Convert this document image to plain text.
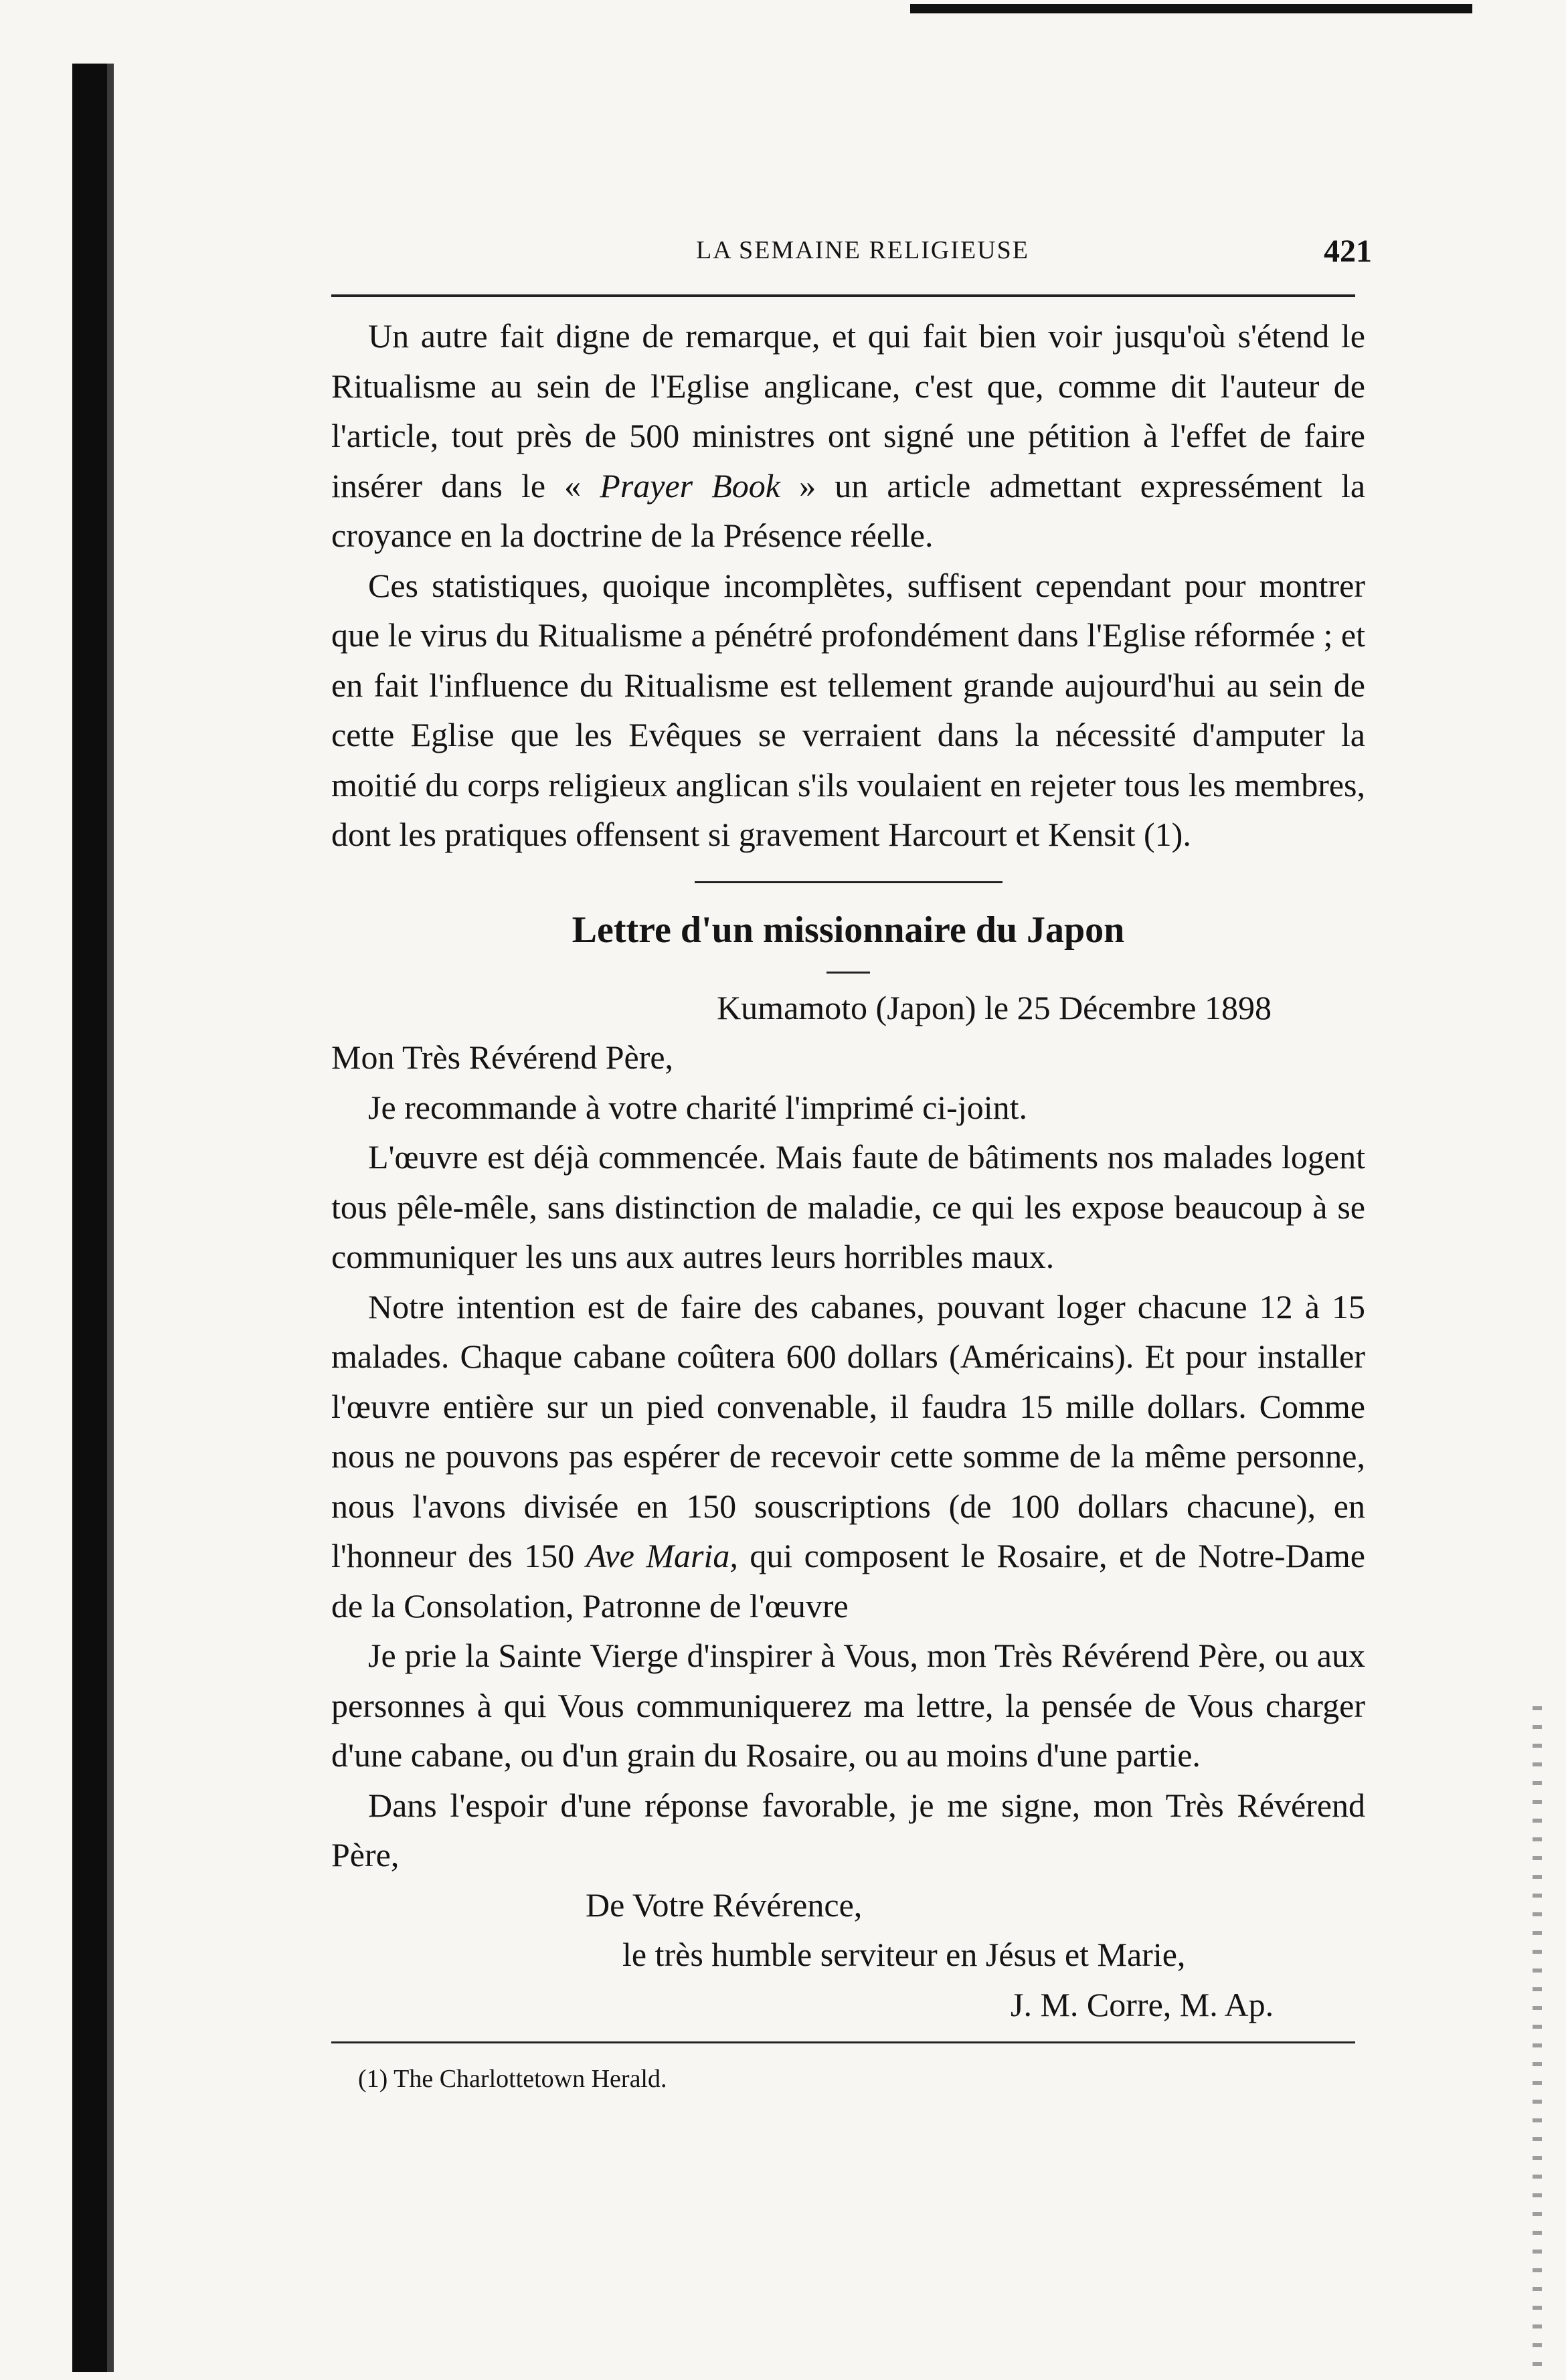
LA SEMAINE RELIGIEUSE	421

Un autre fait digne de remarque, et qui fait bien voir jusqu'où s'étend le Ritualisme au sein de l'Eglise anglicane, c'est que, comme dit l'auteur de l'article, tout près de 500 ministres ont signé une pétition à l'effet de faire insérer dans le « Prayer Book » un article admettant expressément la croyance en la doctrine de la Présence réelle.

Ces statistiques, quoique incomplètes, suffisent cependant pour montrer que le virus du Ritualisme a pénétré profondément dans l'Eglise réformée ; et en fait l'influence du Ritualisme est tellement grande aujourd'hui au sein de cette Eglise que les Evêques se verraient dans la nécessité d'amputer la moitié du corps religieux anglican s'ils voulaient en rejeter tous les membres, dont les pratiques offensent si gravement Harcourt et Kensit (1).

Lettre d'un missionnaire du Japon

Kumamoto (Japon) le 25 Décembre 1898

Mon Très Révérend Père,

Je recommande à votre charité l'imprimé ci-joint.

L'œuvre est déjà commencée. Mais faute de bâtiments nos malades logent tous pêle-mêle, sans distinction de maladie, ce qui les expose beaucoup à se communiquer les uns aux autres leurs horribles maux.

Notre intention est de faire des cabanes, pouvant loger chacune 12 à 15 malades. Chaque cabane coûtera 600 dollars (Américains). Et pour installer l'œuvre entière sur un pied convenable, il faudra 15 mille dollars. Comme nous ne pouvons pas espérer de recevoir cette somme de la même personne, nous l'avons divisée en 150 souscriptions (de 100 dollars chacune), en l'honneur des 150 Ave Maria, qui composent le Rosaire, et de Notre-Dame de la Consolation, Patronne de l'œuvre

Je prie la Sainte Vierge d'inspirer à Vous, mon Très Révérend Père, ou aux personnes à qui Vous communiquerez ma lettre, la pensée de Vous charger d'une cabane, ou d'un grain du Rosaire, ou au moins d'une partie.

Dans l'espoir d'une réponse favorable, je me signe, mon Très Révérend Père,

De Votre Révérence,

le très humble serviteur en Jésus et Marie,

J. M. Corre, M. Ap.

(1) The Charlottetown Herald.
